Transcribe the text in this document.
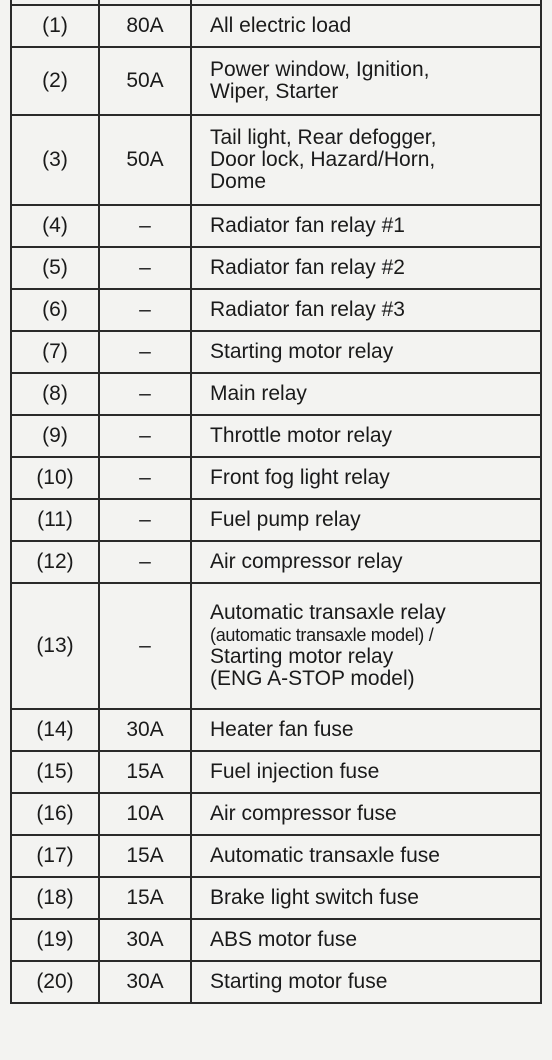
(1)	80A	All electric load

(2)	50A	Power window, Ignition,
Wiper, Starter

(3)	50A	Tail light, Rear defogger,
Door lock, Hazard/Horn,
Dome

(4)	–	Radiator fan relay #1

(5)	–	Radiator fan relay #2

(6)	–	Radiator fan relay #3

(7)	–	Starting motor relay

(8)	–	Main relay

(9)	–	Throttle motor relay

(10)	–	Front fog light relay

(11)	–	Fuel pump relay

(12)	–	Air compressor relay

(13)	–	Automatic transaxle relay
(automatic transaxle model) /
Starting motor relay
(ENG A-STOP model)

(14)	30A	Heater fan fuse

(15)	15A	Fuel injection fuse

(16)	10A	Air compressor fuse

(17)	15A	Automatic transaxle fuse

(18)	15A	Brake light switch fuse

(19)	30A	ABS motor fuse

(20)	30A	Starting motor fuse
